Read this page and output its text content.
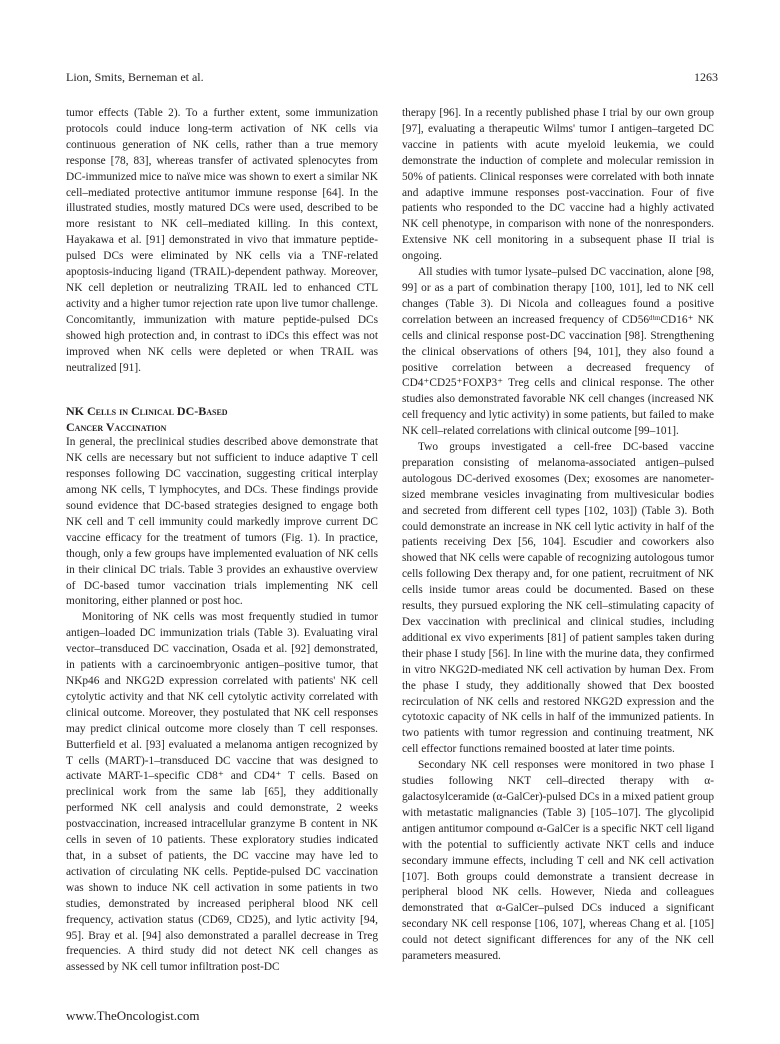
Lion, Smits, Berneman et al.	1263

tumor effects (Table 2). To a further extent, some immunization protocols could induce long-term activation of NK cells via continuous generation of NK cells, rather than a true memory response [78, 83], whereas transfer of activated splenocytes from DC-immunized mice to naïve mice was shown to exert a similar NK cell–mediated protective antitumor immune response [64]. In the illustrated studies, mostly matured DCs were used, described to be more resistant to NK cell–mediated killing. In this context, Hayakawa et al. [91] demonstrated in vivo that immature peptide-pulsed DCs were eliminated by NK cells via a TNF-related apoptosis-inducing ligand (TRAIL)-dependent pathway. Moreover, NK cell depletion or neutralizing TRAIL led to enhanced CTL activity and a higher tumor rejection rate upon live tumor challenge. Concomitantly, immunization with mature peptide-pulsed DCs showed high protection and, in contrast to iDCs this effect was not improved when NK cells were depleted or when TRAIL was neutralized [91].

NK Cells in Clinical DC-Based
Cancer Vaccination

In general, the preclinical studies described above demonstrate that NK cells are necessary but not sufficient to induce adaptive T cell responses following DC vaccination, suggesting critical interplay among NK cells, T lymphocytes, and DCs. These findings provide sound evidence that DC-based strategies designed to engage both NK cell and T cell immunity could markedly improve current DC vaccine efficacy for the treatment of tumors (Fig. 1). In practice, though, only a few groups have implemented evaluation of NK cells in their clinical DC trials. Table 3 provides an exhaustive overview of DC-based tumor vaccination trials implementing NK cell monitoring, either planned or post hoc.

Monitoring of NK cells was most frequently studied in tumor antigen–loaded DC immunization trials (Table 3). Evaluating viral vector–transduced DC vaccination, Osada et al. [92] demonstrated, in patients with a carcinoembryonic antigen–positive tumor, that NKp46 and NKG2D expression correlated with patients' NK cell cytolytic activity and that NK cell cytolytic activity correlated with clinical outcome. Moreover, they postulated that NK cell responses may predict clinical outcome more closely than T cell responses. Butterfield et al. [93] evaluated a melanoma antigen recognized by T cells (MART)-1–transduced DC vaccine that was designed to activate MART-1–specific CD8⁺ and CD4⁺ T cells. Based on preclinical work from the same lab [65], they additionally performed NK cell analysis and could demonstrate, 2 weeks postvaccination, increased intracellular granzyme B content in NK cells in seven of 10 patients. These exploratory studies indicated that, in a subset of patients, the DC vaccine may have led to activation of circulating NK cells. Peptide-pulsed DC vaccination was shown to induce NK cell activation in some patients in two studies, demonstrated by increased peripheral blood NK cell frequency, activation status (CD69, CD25), and lytic activity [94, 95]. Bray et al. [94] also demonstrated a parallel decrease in Treg frequencies. A third study did not detect NK cell changes as assessed by NK cell tumor infiltration post-DC

therapy [96]. In a recently published phase I trial by our own group [97], evaluating a therapeutic Wilms' tumor I antigen–targeted DC vaccine in patients with acute myeloid leukemia, we could demonstrate the induction of complete and molecular remission in 50% of patients. Clinical responses were correlated with both innate and adaptive immune responses post-vaccination. Four of five patients who responded to the DC vaccine had a highly activated NK cell phenotype, in comparison with none of the nonresponders. Extensive NK cell monitoring in a subsequent phase II trial is ongoing.

All studies with tumor lysate–pulsed DC vaccination, alone [98, 99] or as a part of combination therapy [100, 101], led to NK cell changes (Table 3). Di Nicola and colleagues found a positive correlation between an increased frequency of CD56ᵈⁱᵐCD16⁺ NK cells and clinical response post-DC vaccination [98]. Strengthening the clinical observations of others [94, 101], they also found a positive correlation between a decreased frequency of CD4⁺CD25⁺FOXP3⁺ Treg cells and clinical response. The other studies also demonstrated favorable NK cell changes (increased NK cell frequency and lytic activity) in some patients, but failed to make NK cell–related correlations with clinical outcome [99–101].

Two groups investigated a cell-free DC-based vaccine preparation consisting of melanoma-associated antigen–pulsed autologous DC-derived exosomes (Dex; exosomes are nanometer-sized membrane vesicles invaginating from multivesicular bodies and secreted from different cell types [102, 103]) (Table 3). Both could demonstrate an increase in NK cell lytic activity in half of the patients receiving Dex [56, 104]. Escudier and coworkers also showed that NK cells were capable of recognizing autologous tumor cells following Dex therapy and, for one patient, recruitment of NK cells inside tumor areas could be documented. Based on these results, they pursued exploring the NK cell–stimulating capacity of Dex vaccination with preclinical and clinical studies, including additional ex vivo experiments [81] of patient samples taken during their phase I study [56]. In line with the murine data, they confirmed in vitro NKG2D-mediated NK cell activation by human Dex. From the phase I study, they additionally showed that Dex boosted recirculation of NK cells and restored NKG2D expression and the cytotoxic capacity of NK cells in half of the immunized patients. In two patients with tumor regression and continuing treatment, NK cell effector functions remained boosted at later time points.

Secondary NK cell responses were monitored in two phase I studies following NKT cell–directed therapy with α-galactosylceramide (α-GalCer)-pulsed DCs in a mixed patient group with metastatic malignancies (Table 3) [105–107]. The glycolipid antigen antitumor compound α-GalCer is a specific NKT cell ligand with the potential to sufficiently activate NKT cells and induce secondary immune effects, including T cell and NK cell activation [107]. Both groups could demonstrate a transient decrease in peripheral blood NK cells. However, Nieda and colleagues demonstrated that α-GalCer–pulsed DCs induced a significant secondary NK cell response [106, 107], whereas Chang et al. [105] could not detect significant differences for any of the NK cell parameters measured.

www.TheOncologist.com
